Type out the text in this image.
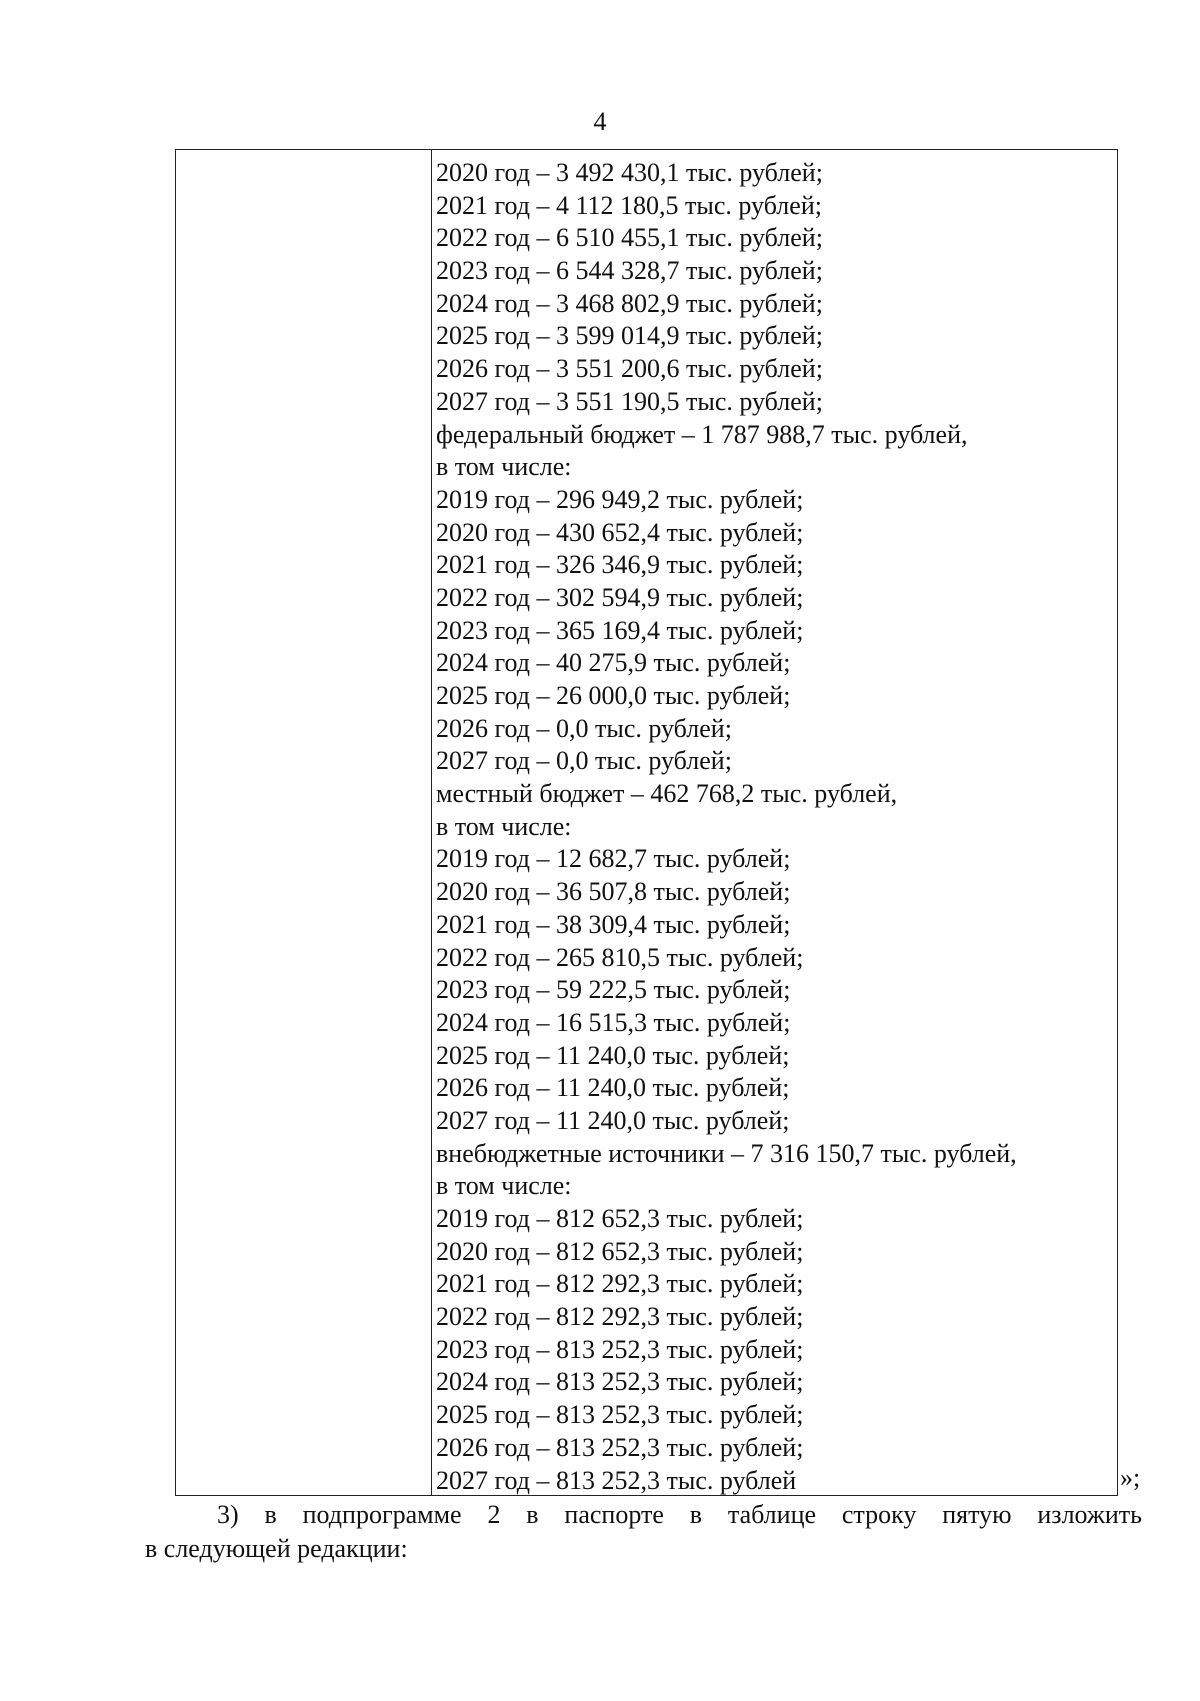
4
2020 год – 3 492 430,1 тыс. рублей;
2021 год – 4 112 180,5 тыс. рублей;
2022 год – 6 510 455,1 тыс. рублей;
2023 год – 6 544 328,7 тыс. рублей;
2024 год – 3 468 802,9 тыс. рублей;
2025 год – 3 599 014,9 тыс. рублей;
2026 год – 3 551 200,6 тыс. рублей;
2027 год – 3 551 190,5 тыс. рублей;
федеральный бюджет – 1 787 988,7 тыс. рублей,
в том числе:
2019 год – 296 949,2 тыс. рублей;
2020 год – 430 652,4 тыс. рублей;
2021 год – 326 346,9 тыс. рублей;
2022 год – 302 594,9 тыс. рублей;
2023 год – 365 169,4 тыс. рублей;
2024 год – 40 275,9 тыс. рублей;
2025 год – 26 000,0 тыс. рублей;
2026 год – 0,0 тыс. рублей;
2027 год – 0,0 тыс. рублей;
местный бюджет – 462 768,2 тыс. рублей,
в том числе:
2019 год – 12 682,7 тыс. рублей;
2020 год – 36 507,8 тыс. рублей;
2021 год – 38 309,4 тыс. рублей;
2022 год – 265 810,5 тыс. рублей;
2023 год – 59 222,5 тыс. рублей;
2024 год – 16 515,3 тыс. рублей;
2025 год – 11 240,0 тыс. рублей;
2026 год – 11 240,0 тыс. рублей;
2027 год – 11 240,0 тыс. рублей;
внебюджетные источники – 7 316 150,7 тыс. рублей,
в том числе:
2019 год – 812 652,3 тыс. рублей;
2020 год – 812 652,3 тыс. рублей;
2021 год – 812 292,3 тыс. рублей;
2022 год – 812 292,3 тыс. рублей;
2023 год – 813 252,3 тыс. рублей;
2024 год – 813 252,3 тыс. рублей;
2025 год – 813 252,3 тыс. рублей;
2026 год – 813 252,3 тыс. рублей;
2027 год – 813 252,3 тыс. рублей	»;
3) в подпрограмме 2 в паспорте в таблице строку пятую изложить
в следующей редакции:
